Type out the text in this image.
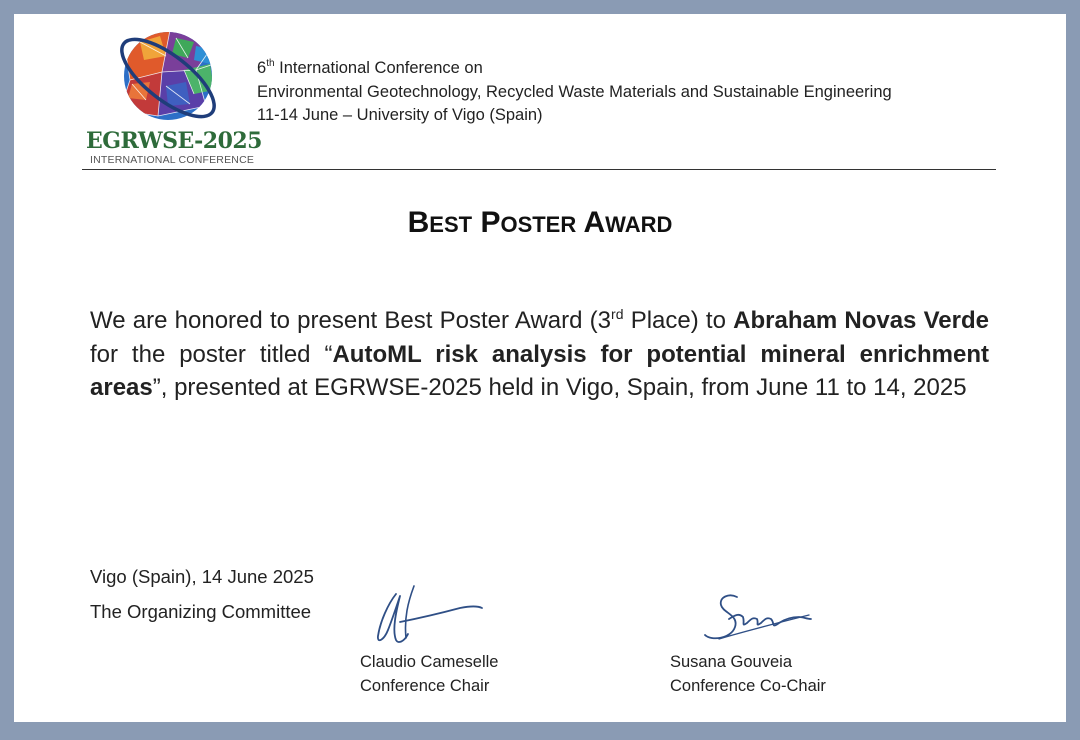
EGRWSE-2025
INTERNATIONAL CONFERENCE
6th International Conference on
Environmental Geotechnology, Recycled Waste Materials and Sustainable Engineering
11-14 June – University of Vigo (Spain)
BEST POSTER AWARD
We are honored to present Best Poster Award (3rd Place) to Abraham Novas Verde for the poster titled “AutoML risk analysis for potential mineral enrichment areas”, presented at EGRWSE-2025 held in Vigo, Spain, from June 11 to 14, 2025
Vigo (Spain), 14 June 2025
The Organizing Committee
Claudio Cameselle
Conference Chair
Susana Gouveia
Conference Co-Chair
